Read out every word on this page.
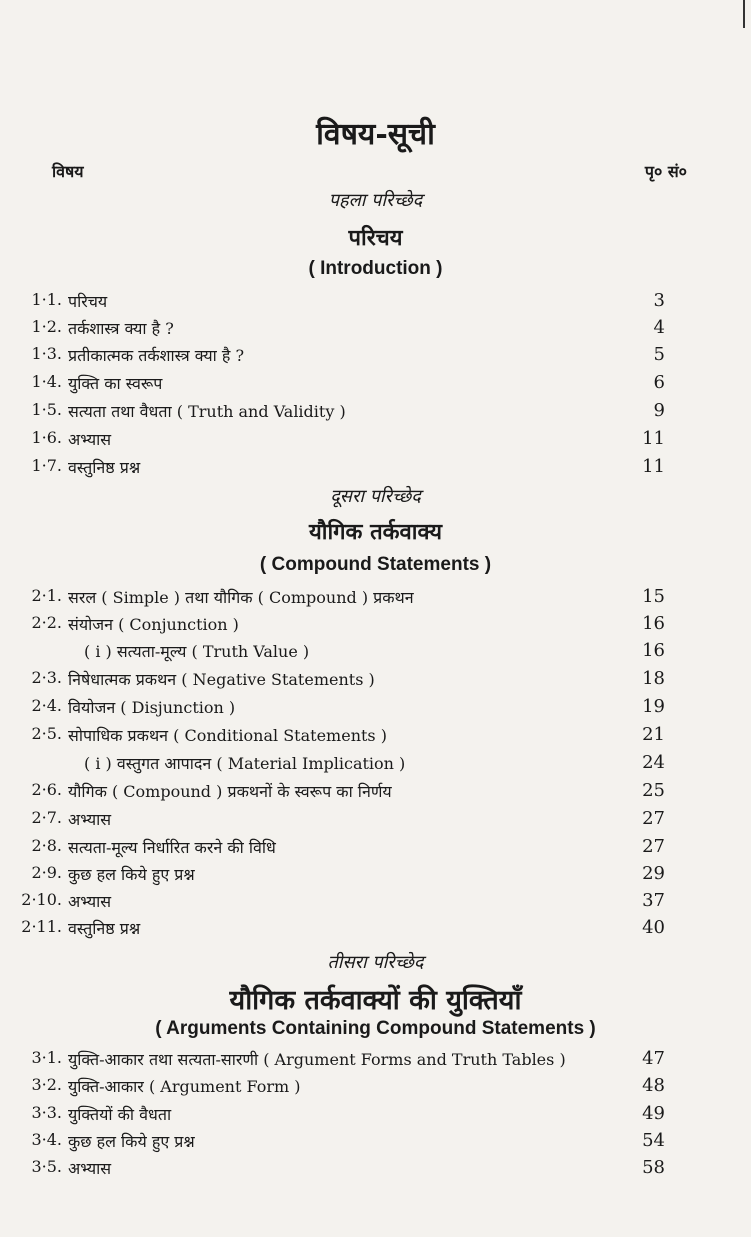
विषय-सूची
विषय	पृ० सं०
पहला परिच्छेद
परिचय
( Introduction )
1·1. परिचय	3
1·2. तर्कशास्त्र क्या है ?	4
1·3. प्रतीकात्मक तर्कशास्त्र क्या है ?	5
1·4. युक्ति का स्वरूप	6
1·5. सत्यता तथा वैधता ( Truth and Validity )	9
1·6. अभ्यास	11
1·7. वस्तुनिष्ठ प्रश्न	11
दूसरा परिच्छेद
यौगिक तर्कवाक्य
( Compound Statements )
2·1. सरल ( Simple ) तथा यौगिक ( Compound ) प्रकथन	15
2·2. संयोजन ( Conjunction )	16
( i ) सत्यता-मूल्य ( Truth Value )	16
2·3. निषेधात्मक प्रकथन ( Negative Statements )	18
2·4. वियोजन ( Disjunction )	19
2·5. सोपाधिक प्रकथन ( Conditional Statements )	21
( i ) वस्तुगत आपादन ( Material Implication )	24
2·6. यौगिक ( Compound ) प्रकथनों के स्वरूप का निर्णय	25
2·7. अभ्यास	27
2·8. सत्यता-मूल्य निर्धारित करने की विधि	27
2·9. कुछ हल किये हुए प्रश्न	29
2·10. अभ्यास	37
2·11. वस्तुनिष्ठ प्रश्न	40
तीसरा परिच्छेद
यौगिक तर्कवाक्यों की युक्तियाँ
( Arguments Containing Compound Statements )
3·1. युक्ति-आकार तथा सत्यता-सारणी ( Argument Forms and Truth Tables )	47
3·2. युक्ति-आकार ( Argument Form )	48
3·3. युक्तियों की वैधता	49
3·4. कुछ हल किये हुए प्रश्न	54
3·5. अभ्यास	58
